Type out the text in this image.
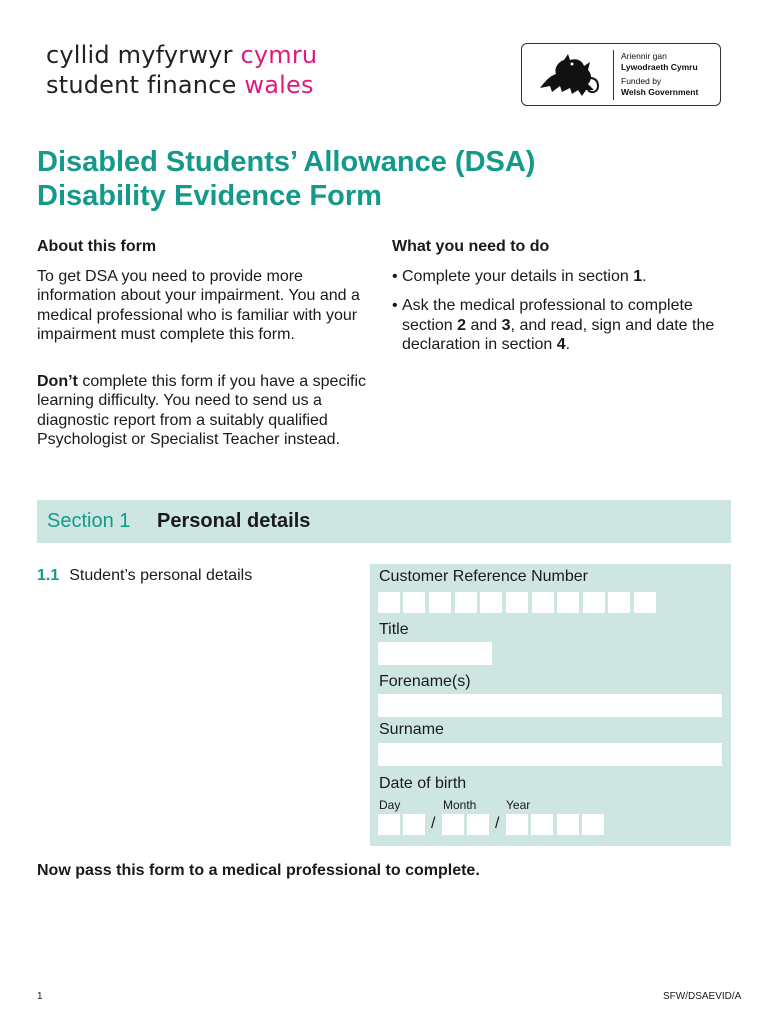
cyllid myfyrwyr cymru
student finance wales
Ariennir gan
Lywodraeth Cymru
Funded by
Welsh Government
Disabled Students’ Allowance (DSA)
Disability Evidence Form
About this form

To get DSA you need to provide more information about your impairment. You and a medical professional who is familiar with your impairment must complete this form.

Don’t complete this form if you have a specific learning difficulty. You need to send us a diagnostic report from a suitably qualified Psychologist or Specialist Teacher instead.

What you need to do
• Complete your details in section 1.
• Ask the medical professional to complete section 2 and 3, and read, sign and date the declaration in section 4.
Section 1 Personal details
1.1 Student’s personal details	Customer Reference Number
Title
Forename(s)
Surname
Date of birth
Day	Month Year
/	/
Now pass this form to a medical professional to complete.
1	SFW/DSAEVID/A
